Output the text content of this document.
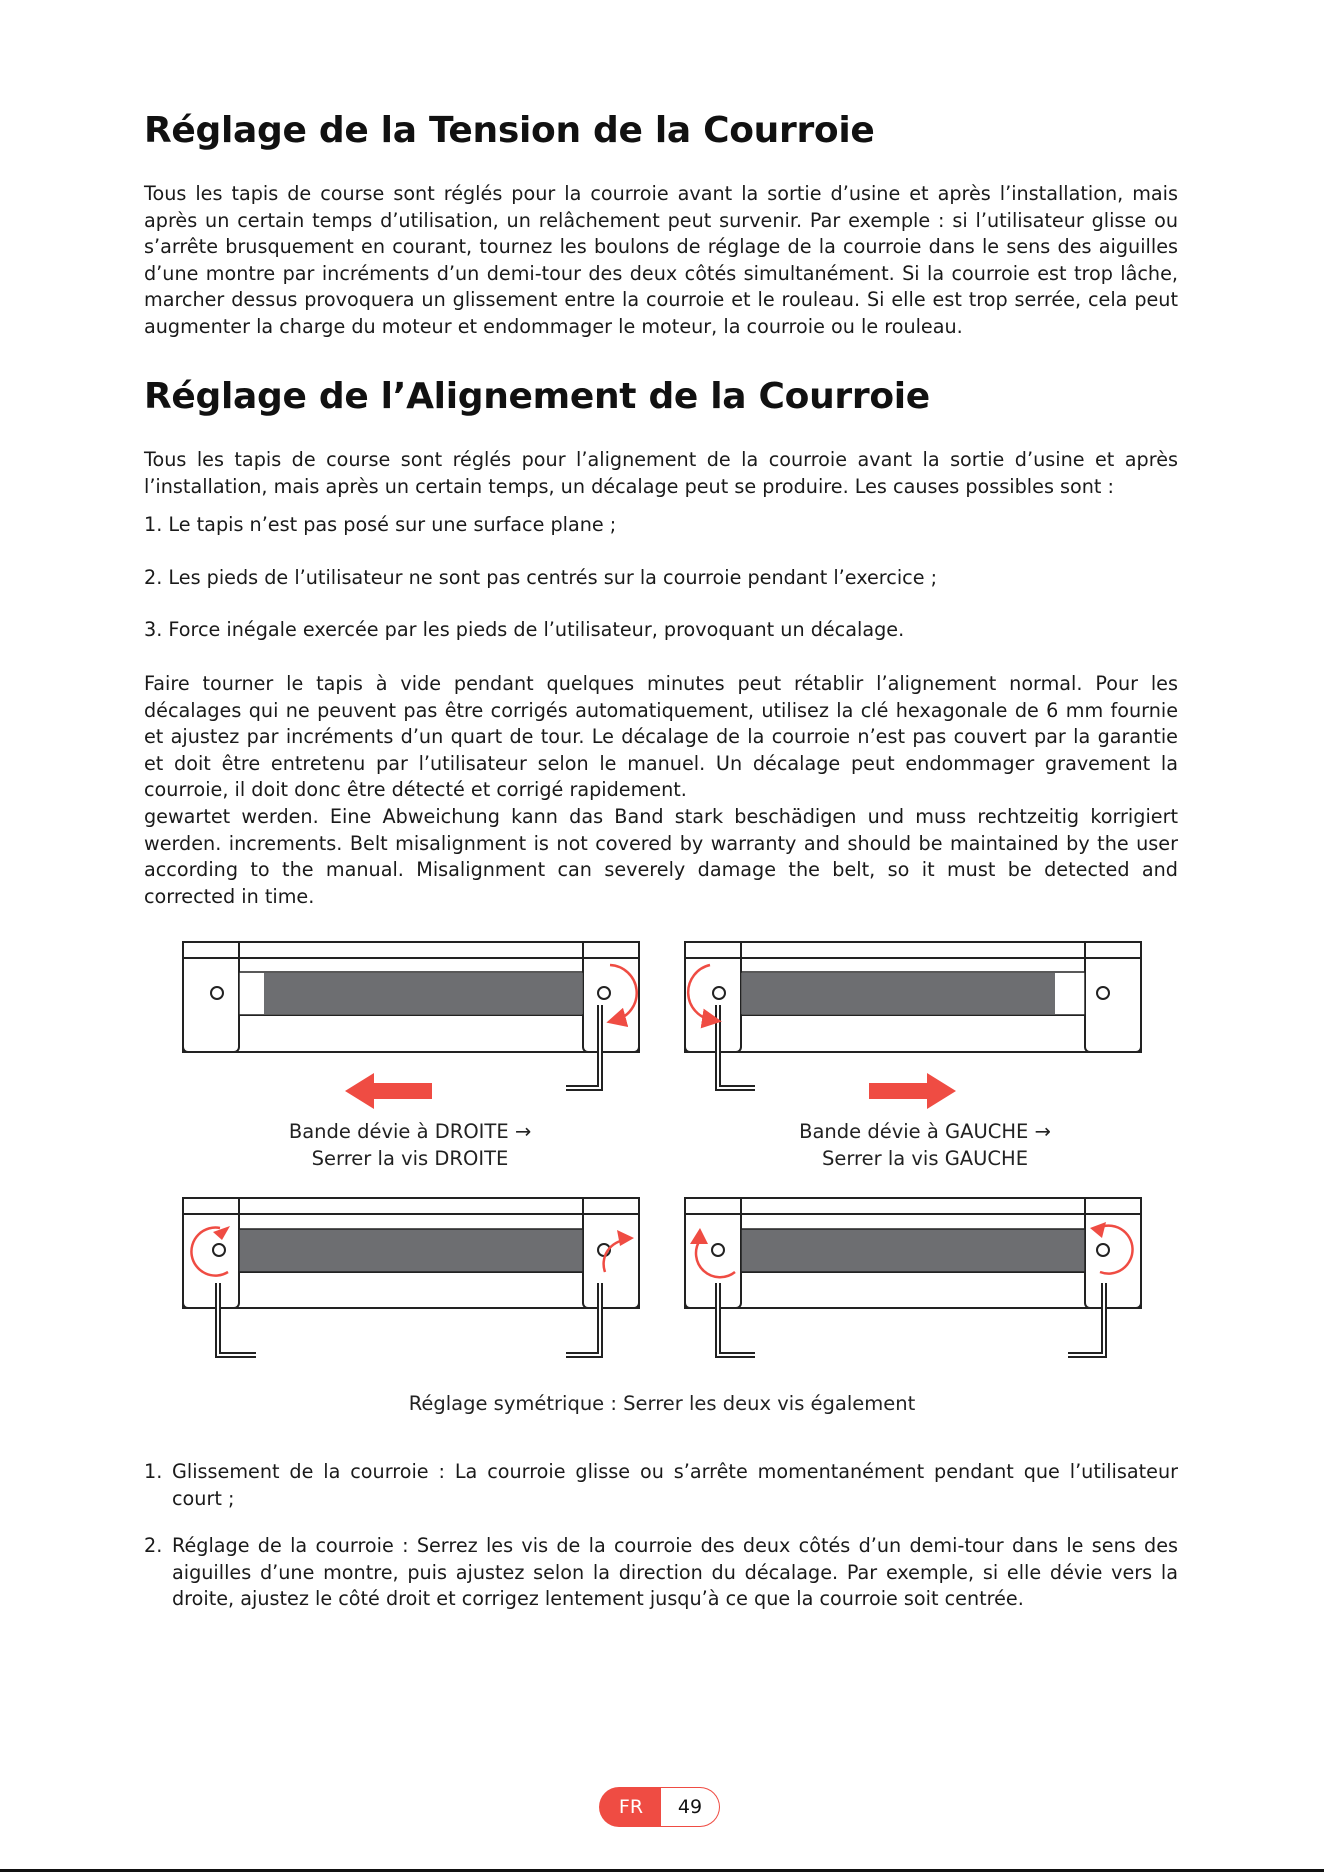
Réglage de la Tension de la Courroie

Tous les tapis de course sont réglés pour la courroie avant la sortie d’usine et après l’installation, mais après un certain temps d’utilisation, un relâchement peut survenir. Par exemple : si l’utilisateur glisse ou s’arrête brusquement en courant, tournez les boulons de réglage de la courroie dans le sens des aiguilles d’une montre par incréments d’un demi-tour des deux côtés simultanément. Si la courroie est trop lâche, marcher dessus provoquera un glissement entre la courroie et le rouleau. Si elle est trop serrée, cela peut augmenter la charge du moteur et endommager le moteur, la courroie ou le rouleau.

Réglage de l’Alignement de la Courroie

Tous les tapis de course sont réglés pour l’alignement de la courroie avant la sortie d’usine et après l’installation, mais après un certain temps, un décalage peut se produire. Les causes possibles sont :

1. Le tapis n’est pas posé sur une surface plane ;
2. Les pieds de l’utilisateur ne sont pas centrés sur la courroie pendant l’exercice ;
3. Force inégale exercée par les pieds de l’utilisateur, provoquant un décalage.

Faire tourner le tapis à vide pendant quelques minutes peut rétablir l’alignement normal. Pour les décalages qui ne peuvent pas être corrigés automatiquement, utilisez la clé hexagonale de 6 mm fournie et ajustez par incréments d’un quart de tour. Le décalage de la courroie n’est pas couvert par la garantie et doit être entretenu par l’utilisateur selon le manuel. Un décalage peut endommager gravement la courroie, il doit donc être détecté et corrigé rapidement.

gewartet werden. Eine Abweichung kann das Band stark beschädigen und muss rechtzeitig korrigiert werden. increments. Belt misalignment is not covered by warranty and should be maintained by the user according to the manual. Misalignment can severely damage the belt, so it must be detected and corrected in time.

Bande dévie à DROITE →
Serrer la vis DROITE
Bande dévie à GAUCHE →
Serrer la vis GAUCHE
Réglage symétrique : Serrer les deux vis également
1. Glissement de la courroie : La courroie glisse ou s’arrête momentanément pendant que l’utilisateur court ;
2. Réglage de la courroie : Serrez les vis de la courroie des deux côtés d’un demi-tour dans le sens des aiguilles d’une montre, puis ajustez selon la direction du décalage. Par exemple, si elle dévie vers la droite, ajustez le côté droit et corrigez lentement jusqu’à ce que la courroie soit centrée.
FR	49
